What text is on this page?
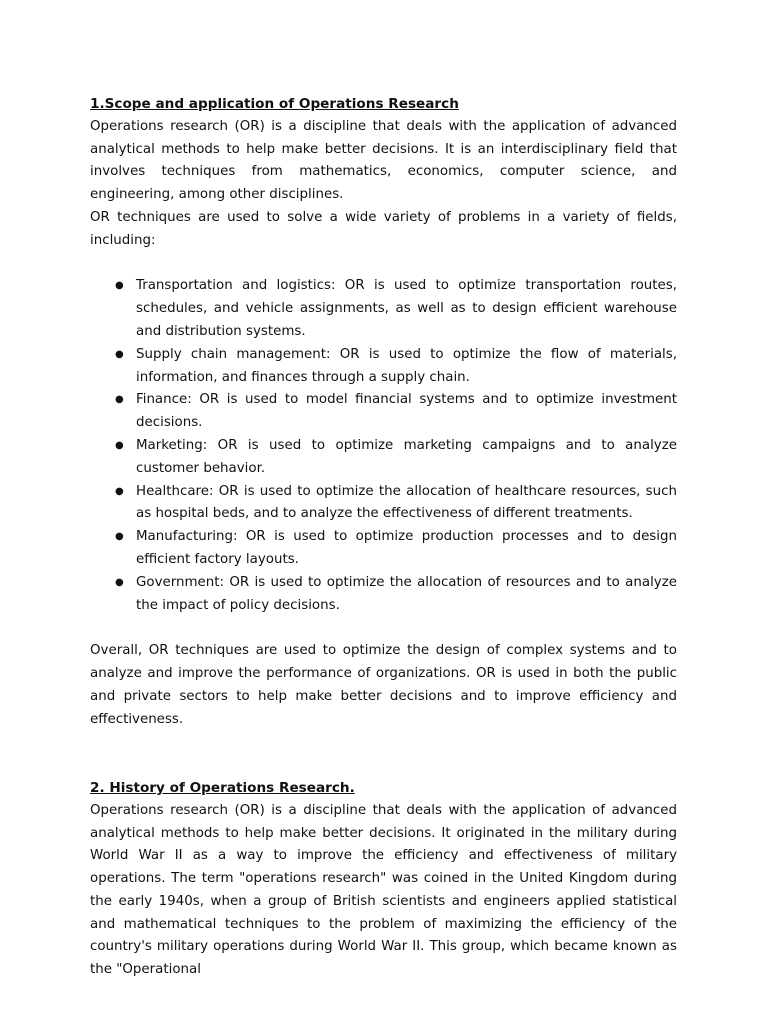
1.Scope and application of Operations Research

Operations research (OR) is a discipline that deals with the application of advanced analytical methods to help make better decisions. It is an interdisciplinary field that involves techniques from mathematics, economics, computer science, and engineering, among other disciplines.

OR techniques are used to solve a wide variety of problems in a variety of fields, including:

● Transportation and logistics: OR is used to optimize transportation routes, schedules, and vehicle assignments, as well as to design efficient warehouse and distribution systems.
● Supply chain management: OR is used to optimize the flow of materials, information, and finances through a supply chain.
● Finance: OR is used to model financial systems and to optimize investment decisions.
● Marketing: OR is used to optimize marketing campaigns and to analyze customer behavior.
● Healthcare: OR is used to optimize the allocation of healthcare resources, such as hospital beds, and to analyze the effectiveness of different treatments.
● Manufacturing: OR is used to optimize production processes and to design efficient factory layouts.
● Government: OR is used to optimize the allocation of resources and to analyze the impact of policy decisions.

Overall, OR techniques are used to optimize the design of complex systems and to analyze and improve the performance of organizations. OR is used in both the public and private sectors to help make better decisions and to improve efficiency and effectiveness.

2. History of Operations Research.

Operations research (OR) is a discipline that deals with the application of advanced analytical methods to help make better decisions. It originated in the military during World War II as a way to improve the efficiency and effectiveness of military operations. The term "operations research" was coined in the United Kingdom during the early 1940s, when a group of British scientists and engineers applied statistical and mathematical techniques to the problem of maximizing the efficiency of the country's military operations during World War II. This group, which became known as the "Operational
